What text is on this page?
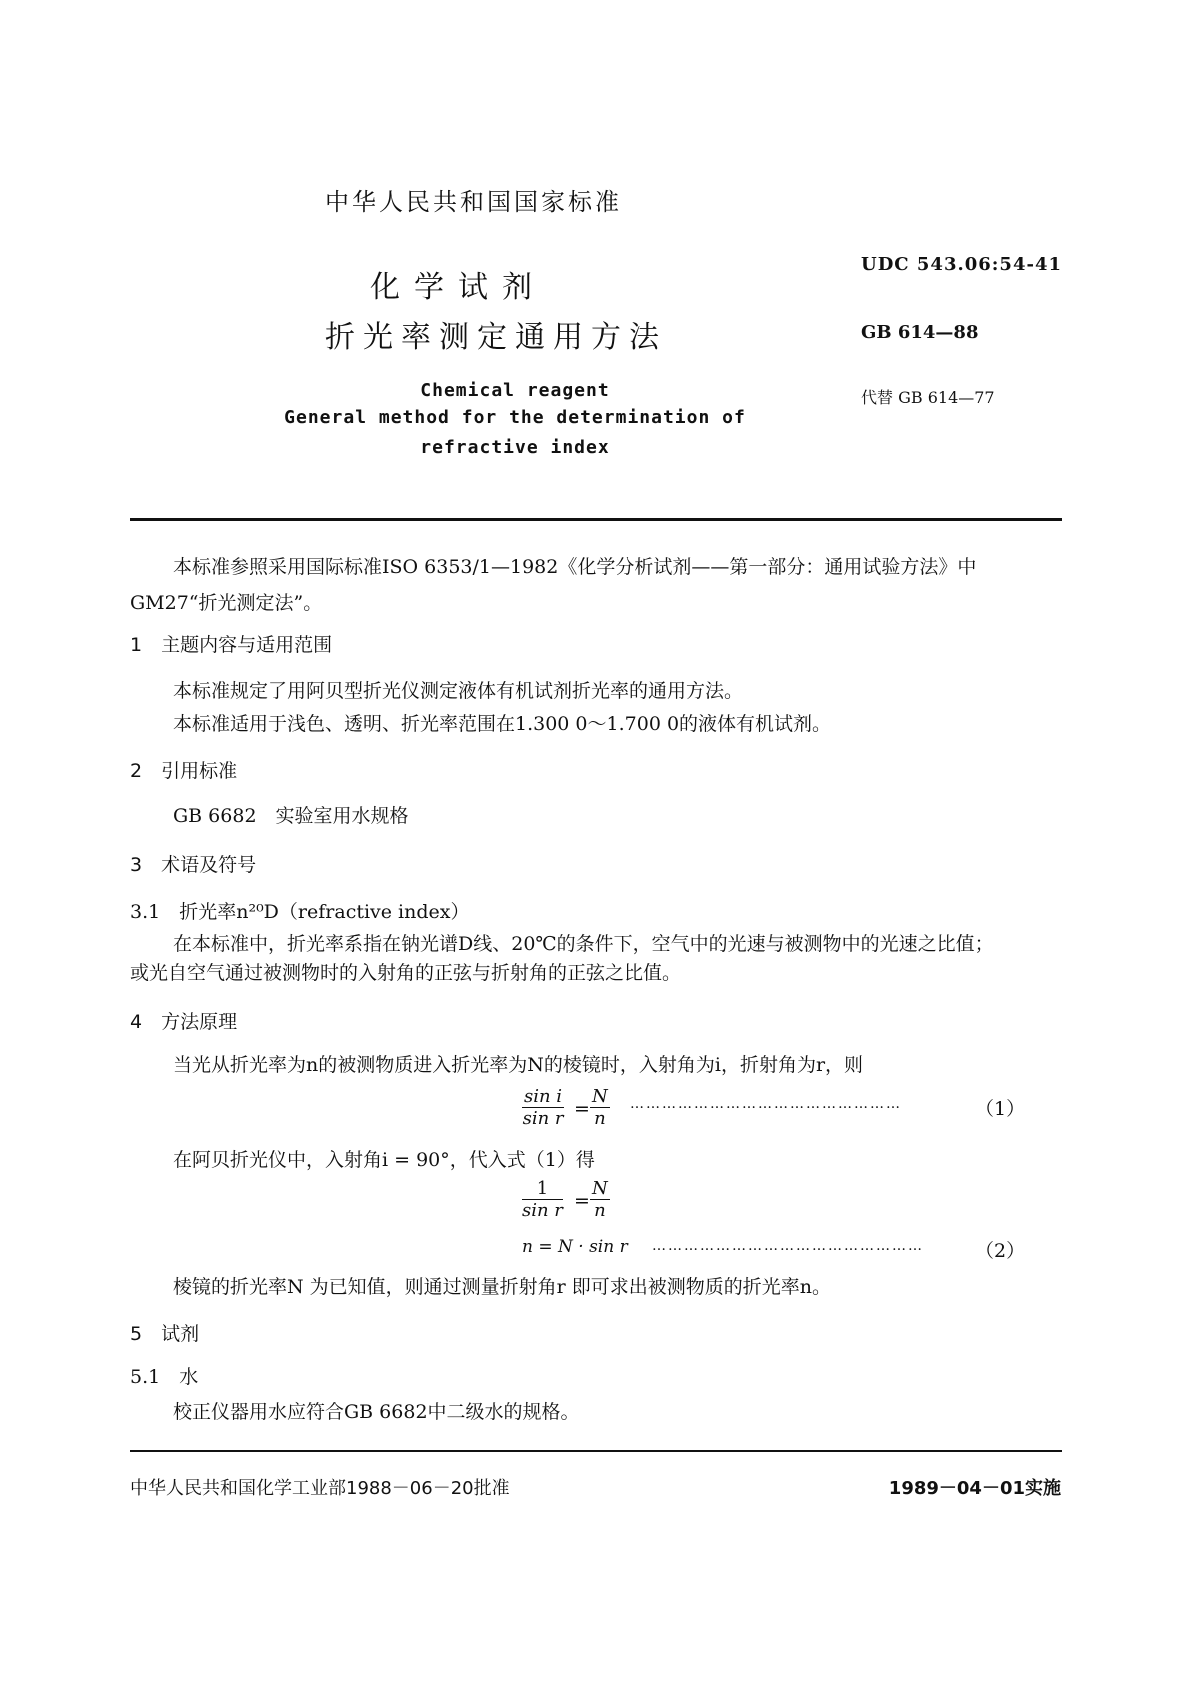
中华人民共和国国家标准
化学试剂
折光率测定通用方法
UDC 543.06:54-41
GB 614—88
代替 GB 614—77
Chemical reagent
General method for the determination of
refractive index
本标准参照采用国际标准ISO 6353/1—1982《化学分析试剂——第一部分：通用试验方法》中
GM27“折光测定法”。
1　主题内容与适用范围
本标准规定了用阿贝型折光仪测定液体有机试剂折光率的通用方法。
本标准适用于浅色、透明、折光率范围在1.300 0～1.700 0的液体有机试剂。
2　引用标准
GB 6682　实验室用水规格
3　术语及符号
3.1　折光率n²⁰D（refractive index）
在本标准中，折光率系指在钠光谱D线、20℃的条件下，空气中的光速与被测物中的光速之比值；
或光自空气通过被测物时的入射角的正弦与折射角的正弦之比值。
4　方法原理
当光从折光率为n的被测物质进入折光率为N的棱镜时，入射角为i，折射角为r，则
$\frac{\text{sin i}}{\text{sin r}} = \frac{N}{n}$ ……………………………………………	（1）
在阿贝折光仪中，入射角i = 90°，代入式（1）得
$\frac{1}{\text{sin r}} = \frac{N}{n}$
n = N · sin r ……………………………………………	（2）
棱镜的折光率N 为已知值，则通过测量折射角r 即可求出被测物质的折光率n。
5　试剂
5.1　水
校正仪器用水应符合GB 6682中二级水的规格。
中华人民共和国化学工业部1988－06－20批准	1989－04－01实施
